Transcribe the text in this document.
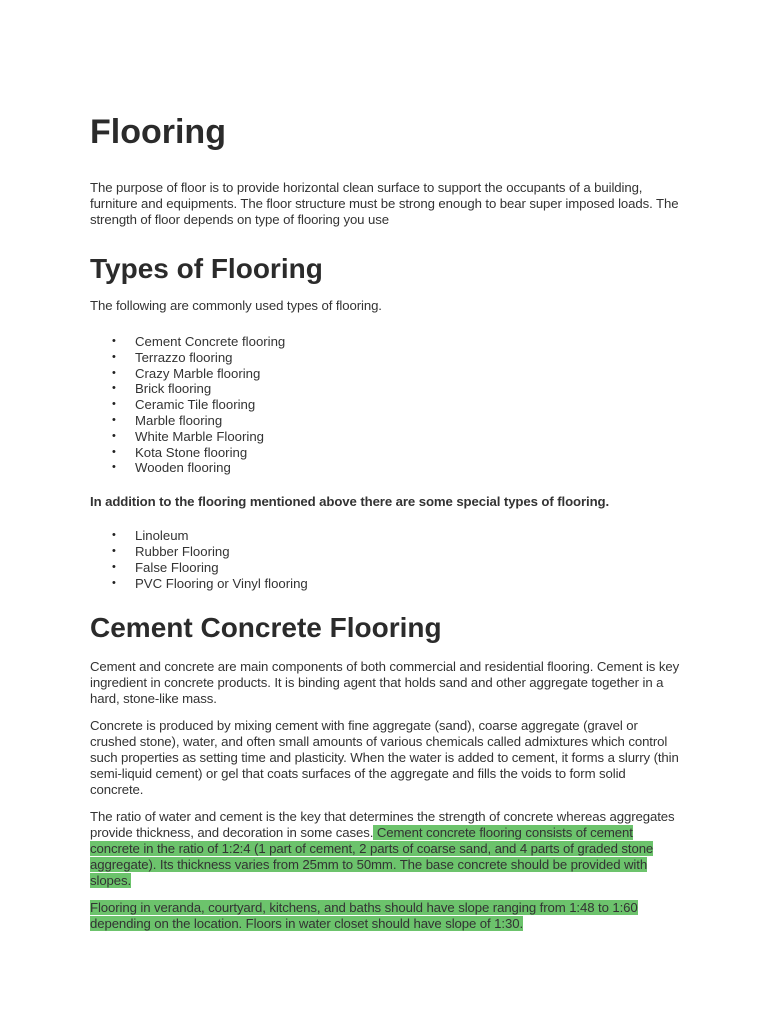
Flooring

The purpose of floor is to provide horizontal clean surface to support the occupants of a building, furniture and equipments. The floor structure must be strong enough to bear super imposed loads. The strength of floor depends on type of flooring you use

Types of Flooring

The following are commonly used types of flooring.

• Cement Concrete flooring
• Terrazzo flooring
• Crazy Marble flooring
• Brick flooring
• Ceramic Tile flooring
• Marble flooring
• White Marble Flooring
• Kota Stone flooring
• Wooden flooring

In addition to the flooring mentioned above there are some special types of flooring.

• Linoleum
• Rubber Flooring
• False Flooring
• PVC Flooring or Vinyl flooring
Cement Concrete Flooring

Cement and concrete are main components of both commercial and residential flooring. Cement is key ingredient in concrete products. It is binding agent that holds sand and other aggregate together in a hard, stone-like mass.

Concrete is produced by mixing cement with fine aggregate (sand), coarse aggregate (gravel or crushed stone), water, and often small amounts of various chemicals called admixtures which control such properties as setting time and plasticity. When the water is added to cement, it forms a slurry (thin semi-liquid cement) or gel that coats surfaces of the aggregate and fills the voids to form solid concrete.

The ratio of water and cement is the key that determines the strength of concrete whereas aggregates provide thickness, and decoration in some cases. Cement concrete flooring consists of cement concrete in the ratio of 1:2:4 (1 part of cement, 2 parts of coarse sand, and 4 parts of graded stone aggregate). Its thickness varies from 25mm to 50mm. The base concrete should be provided with slopes.

Flooring in veranda, courtyard, kitchens, and baths should have slope ranging from 1:48 to 1:60 depending on the location. Floors in water closet should have slope of 1:30.
